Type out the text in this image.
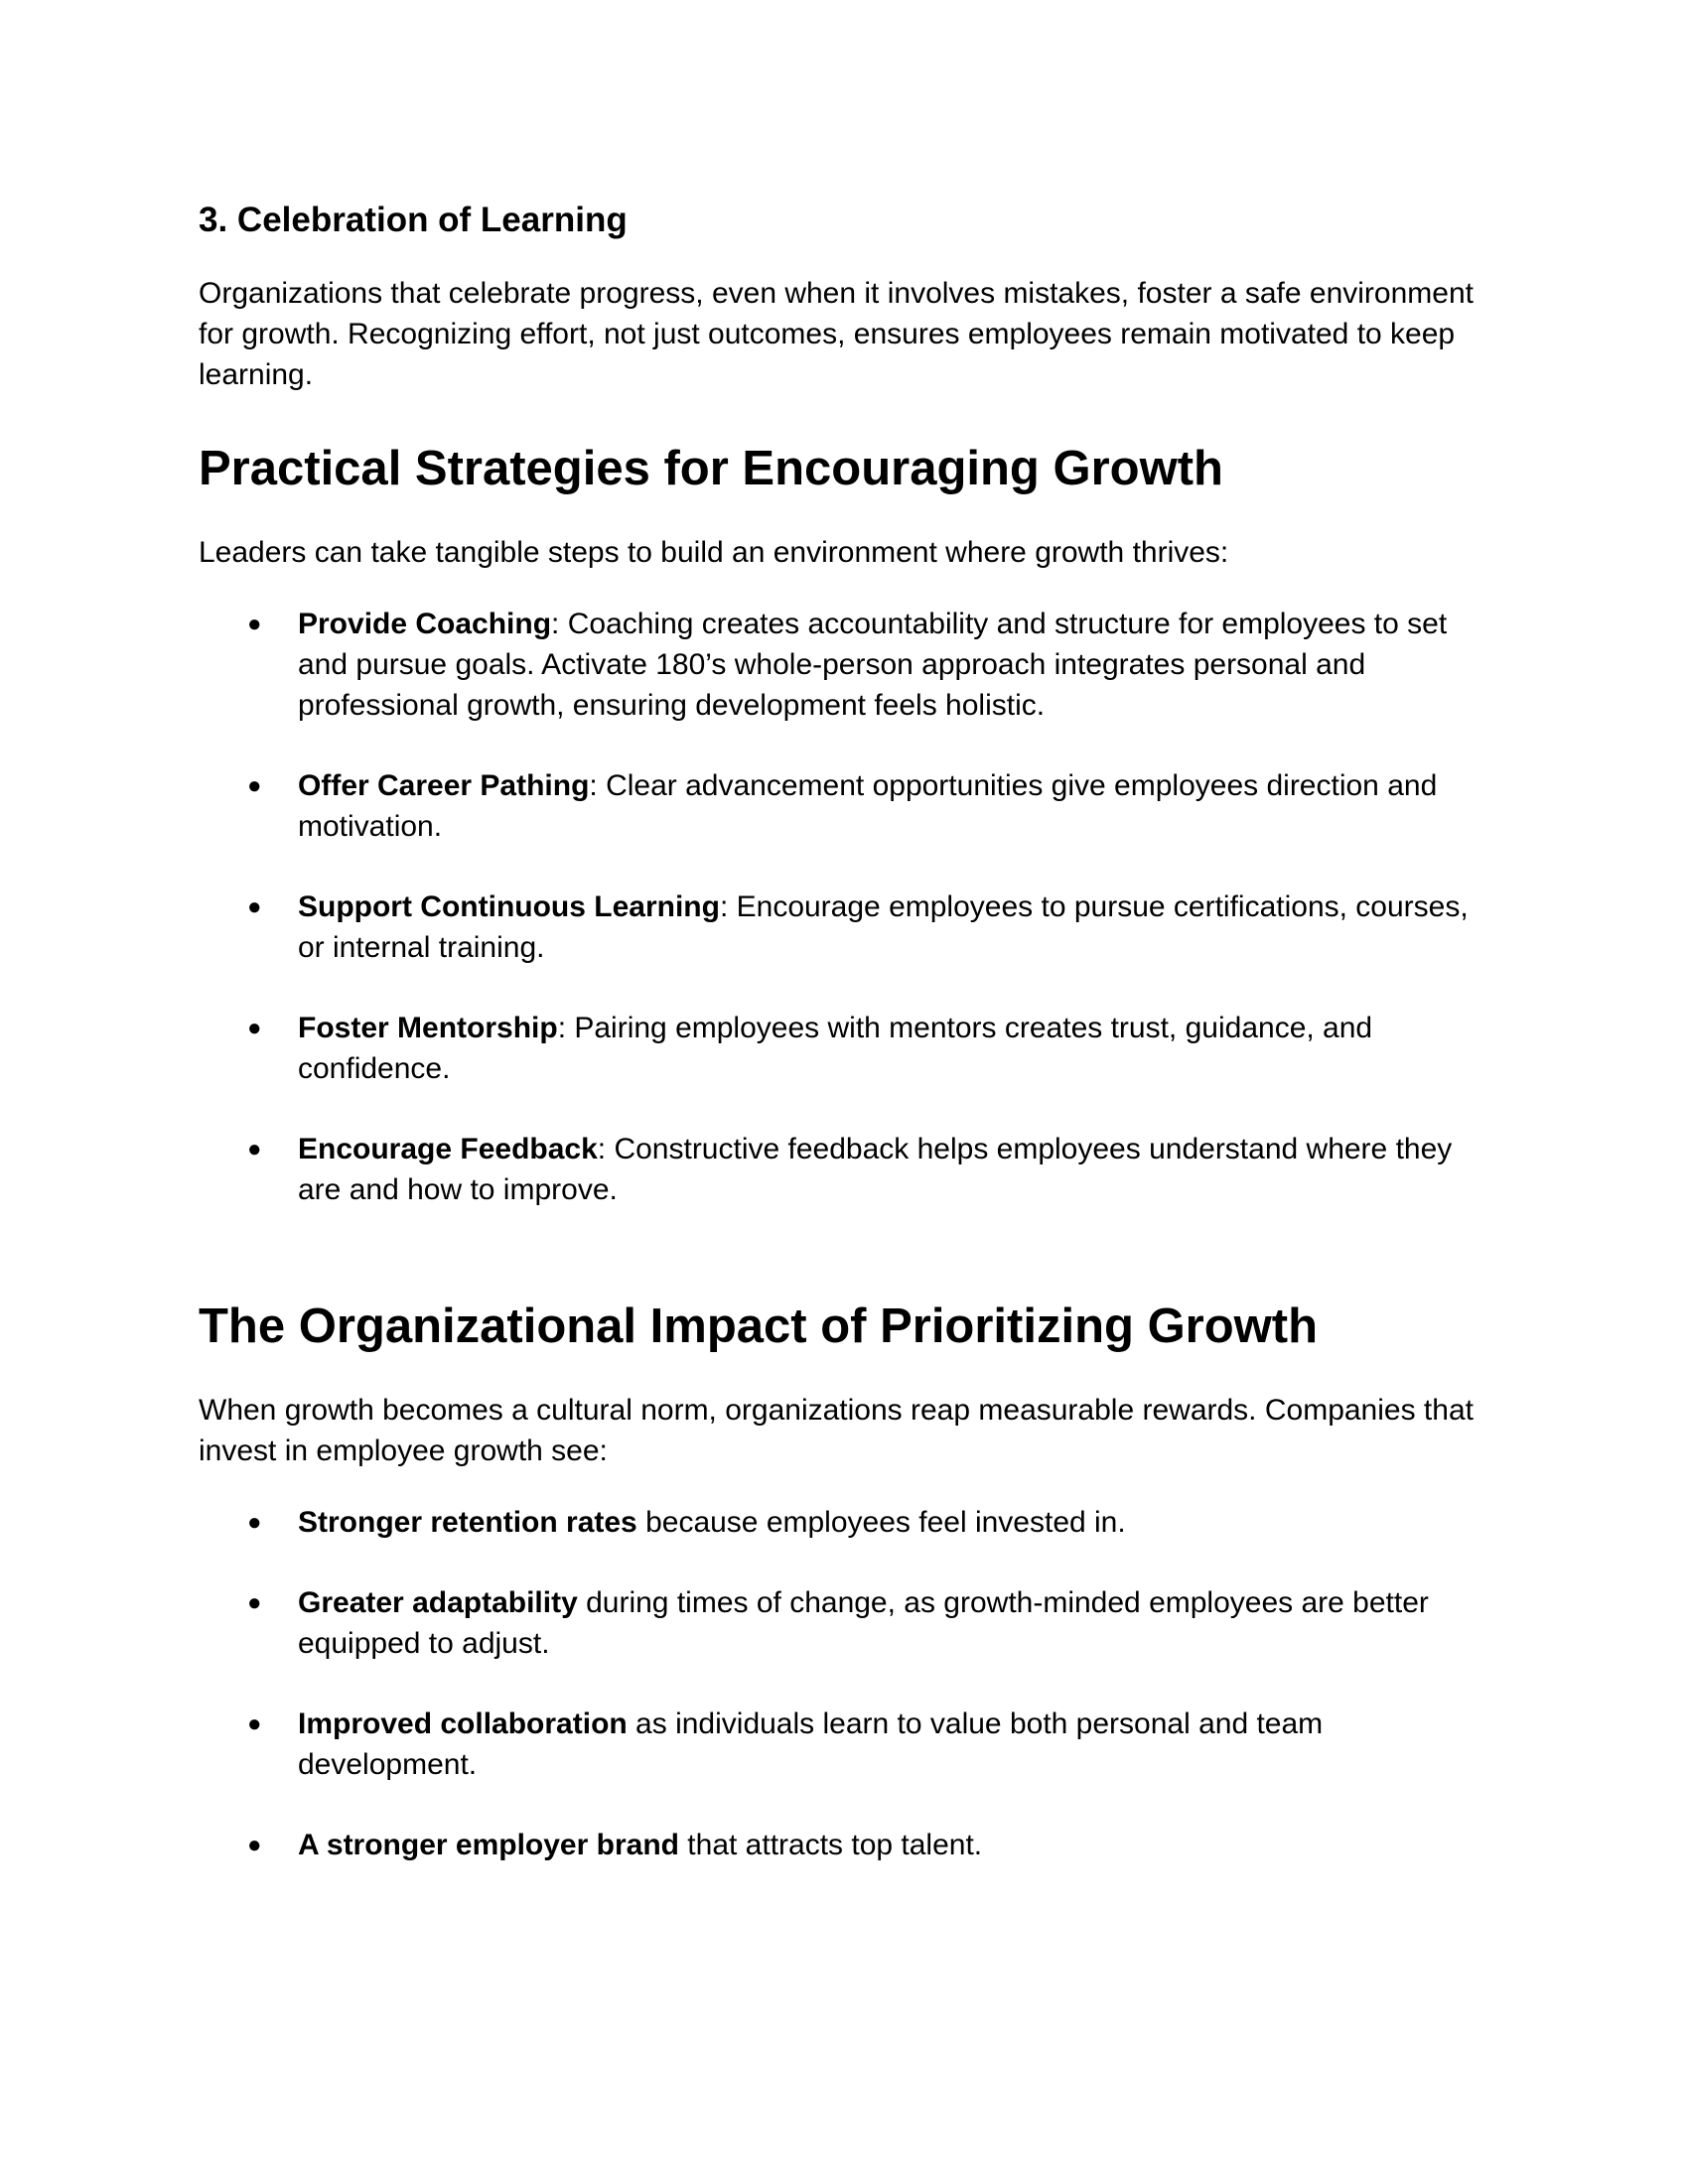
3. Celebration of Learning

Organizations that celebrate progress, even when it involves mistakes, foster a safe environment for growth. Recognizing effort, not just outcomes, ensures employees remain motivated to keep learning.

Practical Strategies for Encouraging Growth

Leaders can take tangible steps to build an environment where growth thrives:

● Provide Coaching: Coaching creates accountability and structure for employees to set and pursue goals. Activate 180’s whole-person approach integrates personal and professional growth, ensuring development feels holistic.
● Offer Career Pathing: Clear advancement opportunities give employees direction and motivation.
● Support Continuous Learning: Encourage employees to pursue certifications, courses, or internal training.
● Foster Mentorship: Pairing employees with mentors creates trust, guidance, and confidence.
● Encourage Feedback: Constructive feedback helps employees understand where they are and how to improve.
The Organizational Impact of Prioritizing Growth

When growth becomes a cultural norm, organizations reap measurable rewards. Companies that invest in employee growth see:

● Stronger retention rates because employees feel invested in.
● Greater adaptability during times of change, as growth-minded employees are better equipped to adjust.
● Improved collaboration as individuals learn to value both personal and team development.
● A stronger employer brand that attracts top talent.
